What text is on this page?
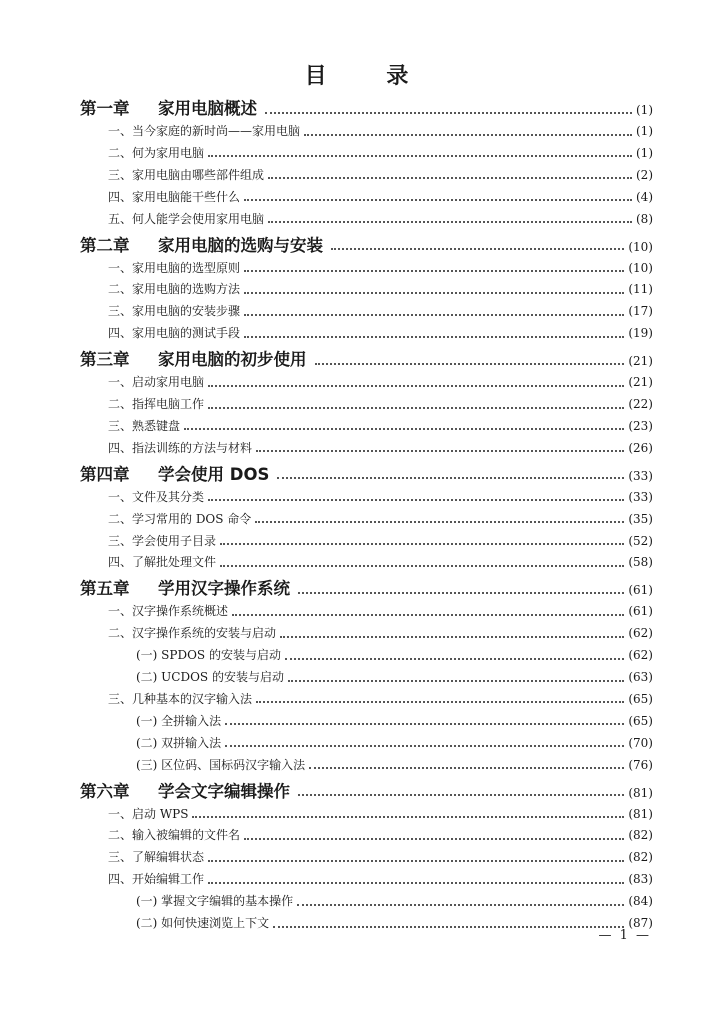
目 录
第一章	家用电脑概述	(1)
一、当今家庭的新时尚——家用电脑	(1)
二、何为家用电脑	(1)
三、家用电脑由哪些部件组成	(2)
四、家用电脑能干些什么	(4)
五、何人能学会使用家用电脑	(8)
第二章	家用电脑的选购与安装	(10)
一、家用电脑的选型原则	(10)
二、家用电脑的选购方法	(11)
三、家用电脑的安装步骤	(17)
四、家用电脑的测试手段	(19)
第三章	家用电脑的初步使用	(21)
一、启动家用电脑	(21)
二、指挥电脑工作	(22)
三、熟悉键盘	(23)
四、指法训练的方法与材料	(26)
第四章	学会使用 DOS	(33)
一、文件及其分类	(33)
二、学习常用的 DOS 命令	(35)
三、学会使用子目录	(52)
四、了解批处理文件	(58)
第五章	学用汉字操作系统	(61)
一、汉字操作系统概述	(61)
二、汉字操作系统的安装与启动	(62)
(一) SPDOS 的安装与启动	(62)
(二) UCDOS 的安装与启动	(63)
三、几种基本的汉字输入法	(65)
(一) 全拼输入法	(65)
(二) 双拼输入法	(70)
(三) 区位码、国标码汉字输入法	(76)
第六章	学会文字编辑操作	(81)
一、启动 WPS	(81)
二、输入被编辑的文件名	(82)
三、了解编辑状态	(82)
四、开始编辑工作	(83)
(一) 掌握文字编辑的基本操作	(84)
(二) 如何快速浏览上下文	(87)
— 1 —
